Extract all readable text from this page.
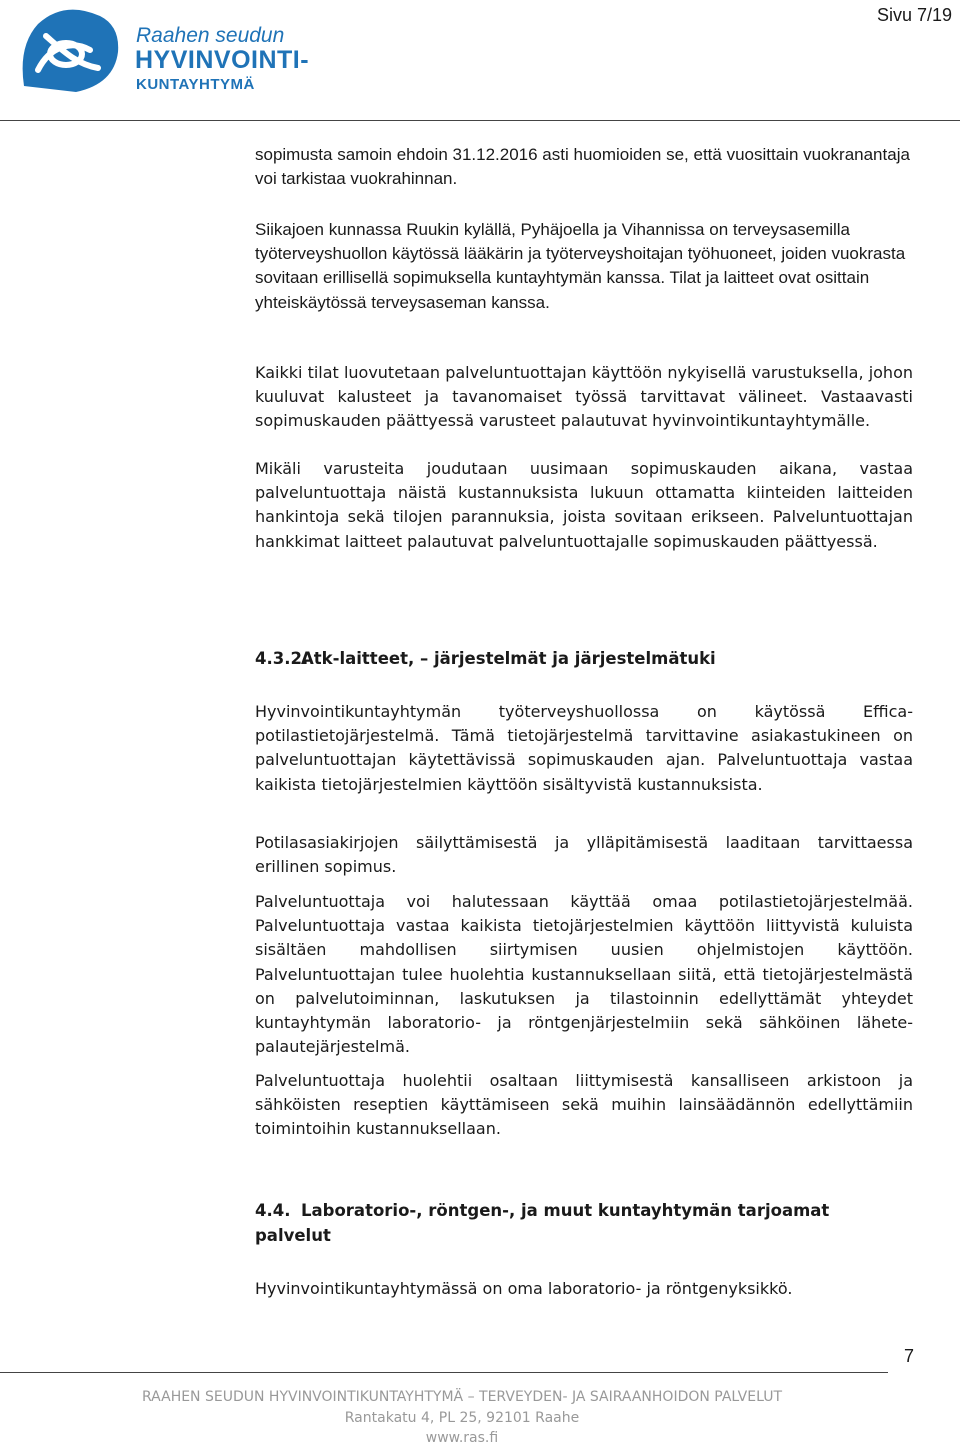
Raahen seudun
HYVINVOINTI-
KUNTAYHTYMÄ
Sivu 7/19

sopimusta samoin ehdoin 31.12.2016 asti huomioiden se, että vuosittain vuokranantaja voi tarkistaa vuokrahinnan.

Siikajoen kunnassa Ruukin kylällä, Pyhäjoella ja Vihannissa on terveysasemilla työterveyshuollon käytössä lääkärin ja työterveyshoitajan työhuoneet, joiden vuokrasta sovitaan erillisellä sopimuksella kuntayhtymän kanssa. Tilat ja laitteet ovat osittain yhteiskäytössä terveysaseman kanssa.

Kaikki tilat luovutetaan palveluntuottajan käyttöön nykyisellä varustuksella, johon kuuluvat kalusteet ja tavanomaiset työssä tarvittavat välineet. Vastaavasti sopimuskauden päättyessä varusteet palautuvat hyvinvointikuntayhtymälle.

Mikäli varusteita joudutaan uusimaan sopimuskauden aikana, vastaa palveluntuottaja näistä kustannuksista lukuun ottamatta kiinteiden laitteiden hankintoja sekä tilojen parannuksia, joista sovitaan erikseen. Palveluntuottajan hankkimat laitteet palautuvat palveluntuottajalle sopimuskauden päättyessä.

4.3.2.Atk-laitteet, – järjestelmät ja järjestelmätuki

Hyvinvointikuntayhtymän työterveyshuollossa on käytössä Effica-potilastietojärjestelmä. Tämä tietojärjestelmä tarvittavine asiakastukineen on palveluntuottajan käytettävissä sopimuskauden ajan. Palveluntuottaja vastaa kaikista tietojärjestelmien käyttöön sisältyvistä kustannuksista.

Potilasasiakirjojen säilyttämisestä ja ylläpitämisestä laaditaan tarvittaessa erillinen sopimus.

Palveluntuottaja voi halutessaan käyttää omaa potilastietojärjestelmää. Palveluntuottaja vastaa kaikista tietojärjestelmien käyttöön liittyvistä kuluista sisältäen mahdollisen siirtymisen uusien ohjelmistojen käyttöön. Palveluntuottajan tulee huolehtia kustannuksellaan siitä, että tietojärjestelmästä on palvelutoiminnan, laskutuksen ja tilastoinnin edellyttämät yhteydet kuntayhtymän laboratorio- ja röntgenjärjestelmiin sekä sähköinen lähete-palautejärjestelmä.

Palveluntuottaja huolehtii osaltaan liittymisestä kansalliseen arkistoon ja sähköisten reseptien käyttämiseen sekä muihin lainsäädännön edellyttämiin toimintoihin kustannuksellaan.

4.4. Laboratorio-, röntgen-, ja muut kuntayhtymän tarjoamat palvelut

Hyvinvointikuntayhtymässä on oma laboratorio- ja röntgenyksikkö.

7

RAAHEN SEUDUN HYVINVOINTIKUNTAYHTYMÄ – TERVEYDEN- JA SAIRAANHOIDON PALVELUT

Rantakatu 4, PL 25, 92101 Raahe

www.ras.fi
